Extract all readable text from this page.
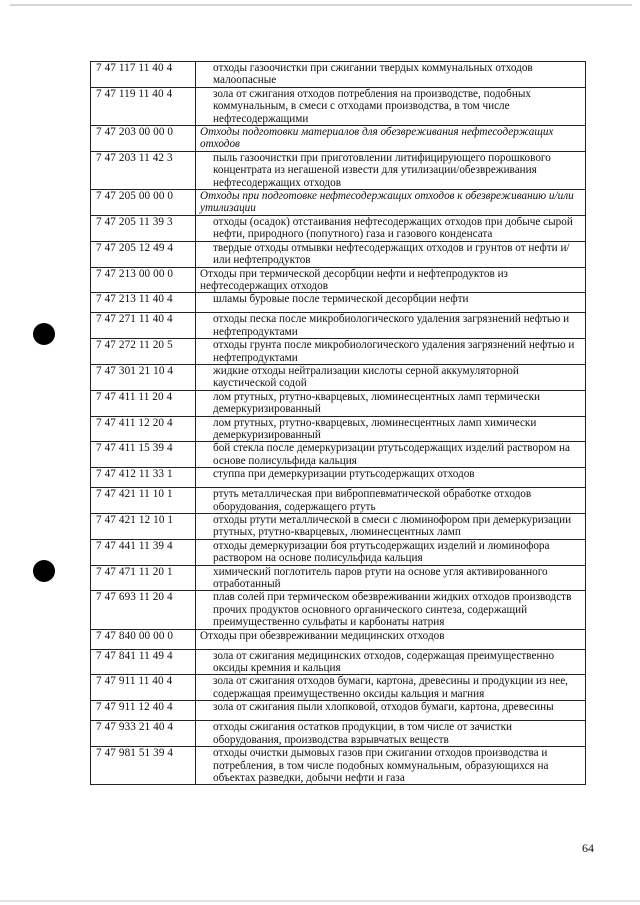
7 47 117 11 40 4	отходы газоочистки при сжигании твердых коммунальных отходов малоопасные
7 47 119 11 40 4	зола от сжигания отходов потребления на производстве, подобных коммунальным, в смеси с отходами производства, в том числе нефтесодержащими
7 47 203 00 00 0	Отходы подготовки материалов для обезвреживания нефтесодержащих отходов
7 47 203 11 42 3	пыль газоочистки при приготовлении литифицирующего порошкового концентрата из негашеной извести для утилизации/обезвреживания нефтесодержащих отходов
7 47 205 00 00 0	Отходы при подготовке нефтесодержащих отходов к обезвреживанию и/или утилизации
7 47 205 11 39 3	отходы (осадок) отстаивания нефтесодержащих отходов при добыче сырой нефти, природного (попутного) газа и газового конденсата
7 47 205 12 49 4	твердые отходы отмывки нефтесодержащих отходов и грунтов от нефти и/или нефтепродуктов
7 47 213 00 00 0	Отходы при термической десорбции нефти и нефтепродуктов из нефтесодержащих отходов
7 47 213 11 40 4	шламы буровые после термической десорбции нефти
7 47 271 11 40 4	отходы песка после микробиологического удаления загрязнений нефтью и нефтепродуктами
7 47 272 11 20 5	отходы грунта после микробиологического удаления загрязнений нефтью и нефтепродуктами
7 47 301 21 10 4	жидкие отходы нейтрализации кислоты серной аккумуляторной каустической содой
7 47 411 11 20 4	лом ртутных, ртутно-кварцевых, люминесцентных ламп термически демеркуризированный
7 47 411 12 20 4	лом ртутных, ртутно-кварцевых, люминесцентных ламп химически демеркуризированный
7 47 411 15 39 4	бой стекла после демеркуризации ртутьсодержащих изделий раствором на основе полисульфида кальция
7 47 412 11 33 1	ступпа при демеркуризации ртутьсодержащих отходов
7 47 421 11 10 1	ртуть металлическая при виброппевматической обработке отходов оборудования, содержащего ртуть
7 47 421 12 10 1	отходы ртути металлической в смеси с люминофором при демеркуризации ртутных, ртутно-кварцевых, люминесцентных ламп
7 47 441 11 39 4	отходы демеркуризации боя ртутьсодержащих изделий и люминофора раствором на основе полисульфида кальция
7 47 471 11 20 1	химический поглотитель паров ртути на основе угля активированного отработанный
7 47 693 11 20 4	плав солей при термическом обезвреживании жидких отходов производств прочих продуктов основного органического синтеза, содержащий преимущественно сульфаты и карбонаты натрия
7 47 840 00 00 0	Отходы при обезвреживании медицинских отходов
7 47 841 11 49 4	зола от сжигания медицинских отходов, содержащая преимущественно оксиды кремния и кальция
7 47 911 11 40 4	зола от сжигания отходов бумаги, картона, древесины и продукции из нее, содержащая преимущественно оксиды кальция и магния
7 47 911 12 40 4	зола от сжигания пыли хлопковой, отходов бумаги, картона, древесины
7 47 933 21 40 4	отходы сжигания остатков продукции, в том числе от зачистки оборудования, производства взрывчатых веществ
7 47 981 51 39 4	отходы очистки дымовых газов при сжигании отходов производства и потребления, в том числе подобных коммунальным, образующихся на объектах разведки, добычи нефти и газа
64
